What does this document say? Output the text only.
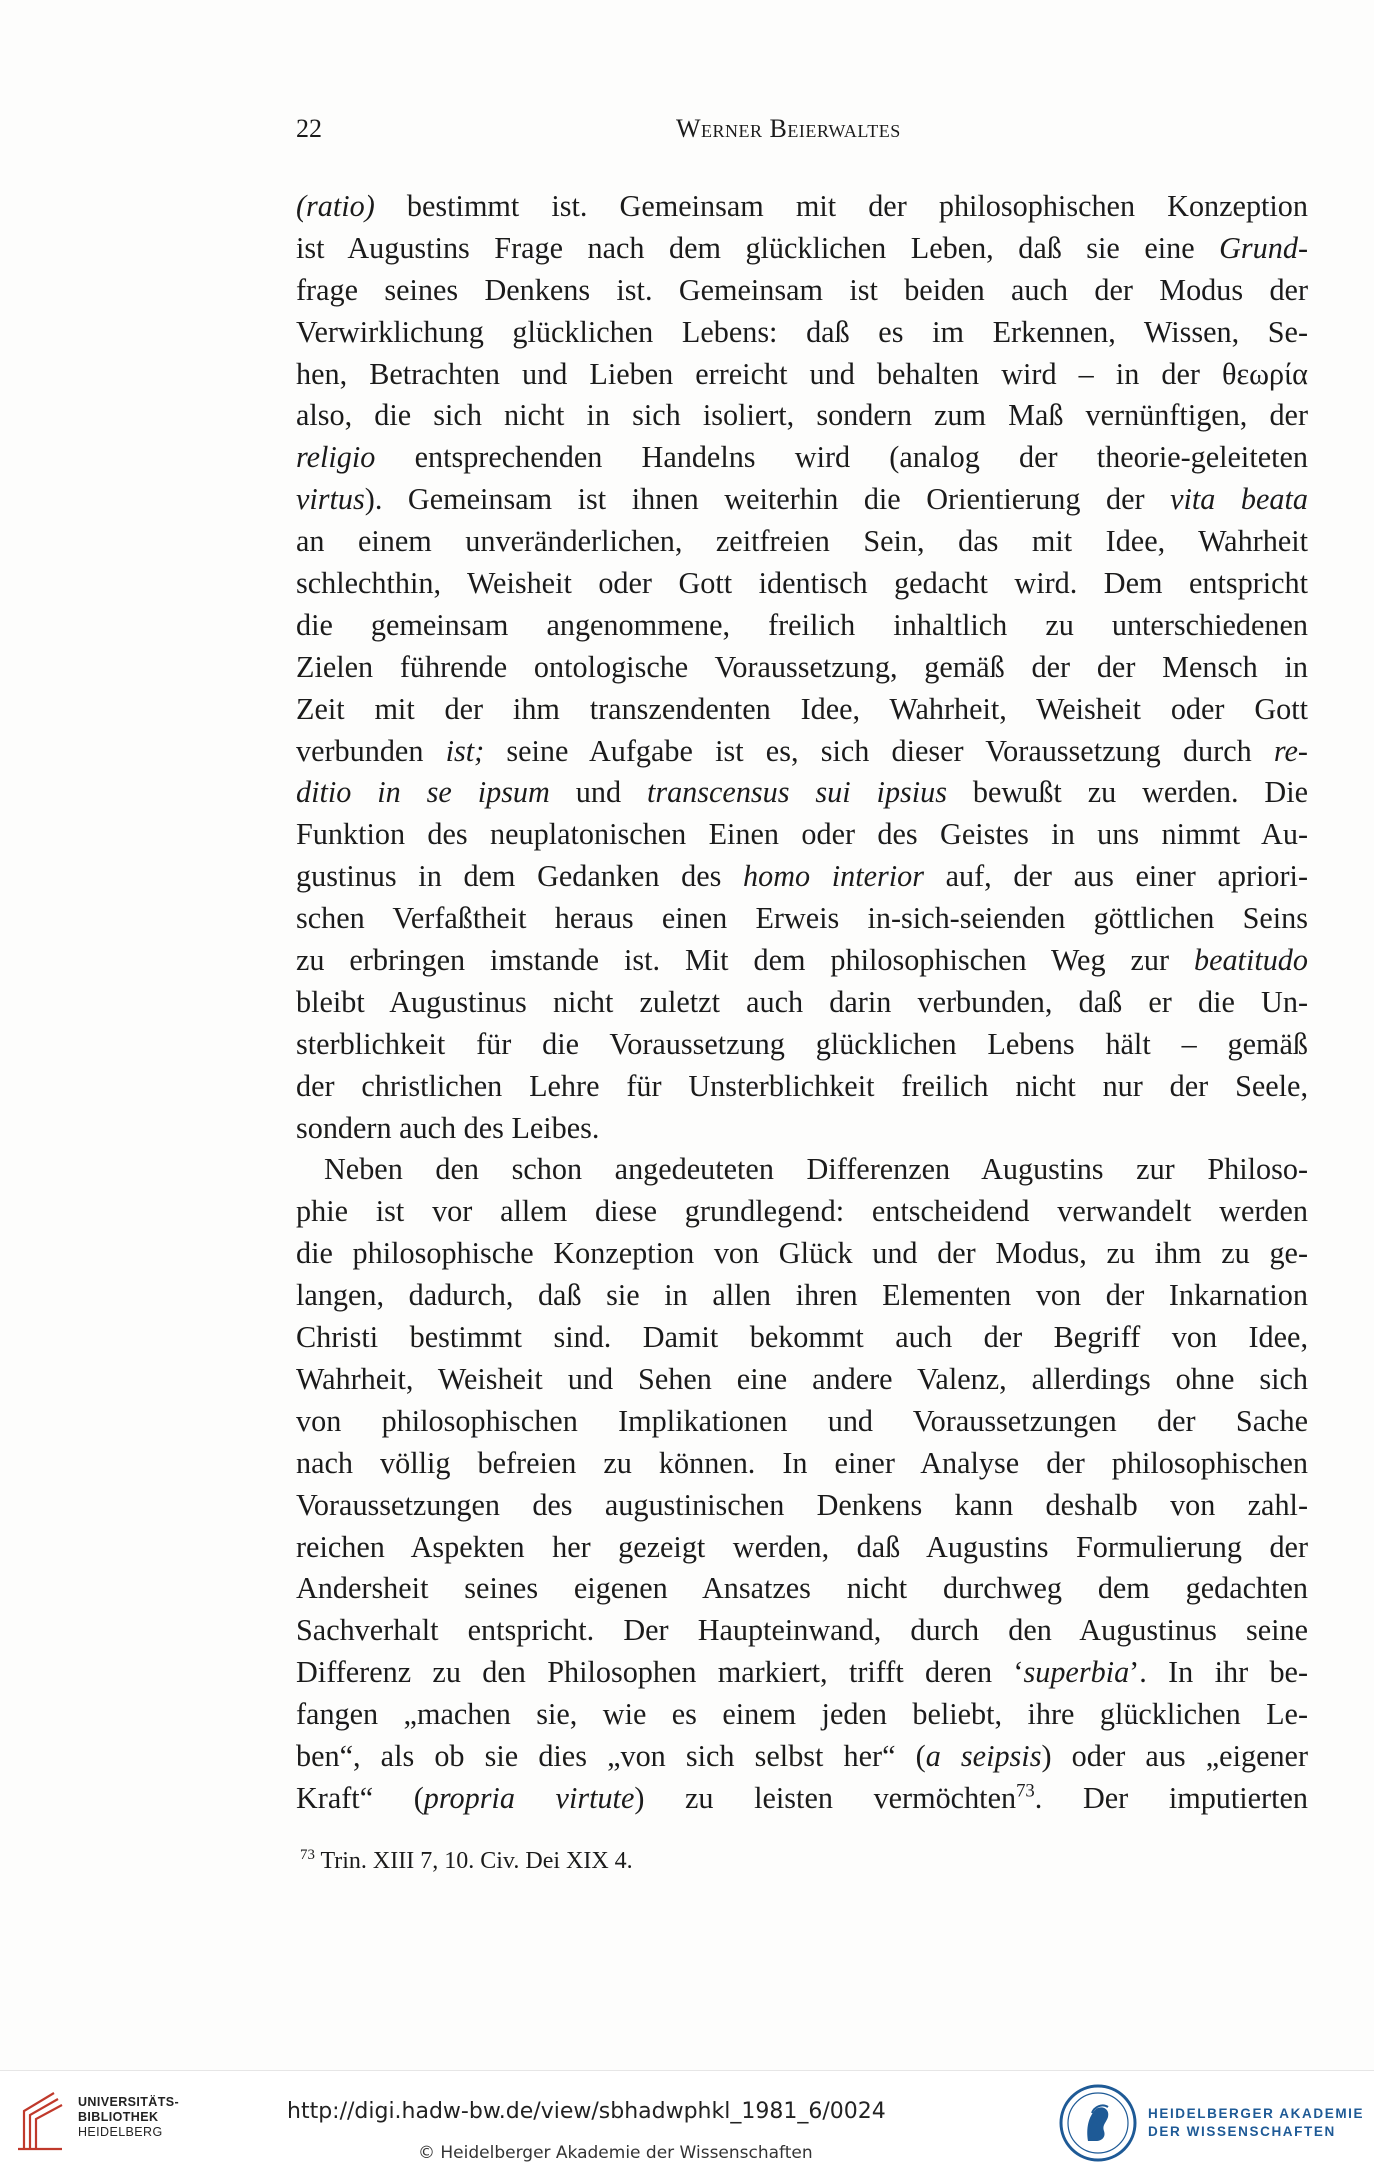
22	Werner Beierwaltes
(ratio) bestimmt ist. Gemeinsam mit der philosophischen Konzeption
ist Augustins Frage nach dem glücklichen Leben, daß sie eine Grund-
frage seines Denkens ist. Gemeinsam ist beiden auch der Modus der
Verwirklichung glücklichen Lebens: daß es im Erkennen, Wissen, Se-
hen, Betrachten und Lieben erreicht und behalten wird – in der θεωρία
also, die sich nicht in sich isoliert, sondern zum Maß vernünftigen, der
religio entsprechenden Handelns wird (analog der theorie-geleiteten
virtus). Gemeinsam ist ihnen weiterhin die Orientierung der vita beata
an einem unveränderlichen, zeitfreien Sein, das mit Idee, Wahrheit
schlechthin, Weisheit oder Gott identisch gedacht wird. Dem entspricht
die gemeinsam angenommene, freilich inhaltlich zu unterschiedenen
Zielen führende ontologische Voraussetzung, gemäß der der Mensch in
Zeit mit der ihm transzendenten Idee, Wahrheit, Weisheit oder Gott
verbunden ist; seine Aufgabe ist es, sich dieser Voraussetzung durch re-
ditio in se ipsum und transcensus sui ipsius bewußt zu werden. Die
Funktion des neuplatonischen Einen oder des Geistes in uns nimmt Au-
gustinus in dem Gedanken des homo interior auf, der aus einer apriori-
schen Verfaßtheit heraus einen Erweis in-sich-seienden göttlichen Seins
zu erbringen imstande ist. Mit dem philosophischen Weg zur beatitudo
bleibt Augustinus nicht zuletzt auch darin verbunden, daß er die Un-
sterblichkeit für die Voraussetzung glücklichen Lebens hält – gemäß
der christlichen Lehre für Unsterblichkeit freilich nicht nur der Seele,
sondern auch des Leibes.
Neben den schon angedeuteten Differenzen Augustins zur Philoso-
phie ist vor allem diese grundlegend: entscheidend verwandelt werden
die philosophische Konzeption von Glück und der Modus, zu ihm zu ge-
langen, dadurch, daß sie in allen ihren Elementen von der Inkarnation
Christi bestimmt sind. Damit bekommt auch der Begriff von Idee,
Wahrheit, Weisheit und Sehen eine andere Valenz, allerdings ohne sich
von philosophischen Implikationen und Voraussetzungen der Sache
nach völlig befreien zu können. In einer Analyse der philosophischen
Voraussetzungen des augustinischen Denkens kann deshalb von zahl-
reichen Aspekten her gezeigt werden, daß Augustins Formulierung der
Andersheit seines eigenen Ansatzes nicht durchweg dem gedachten
Sachverhalt entspricht. Der Haupteinwand, durch den Augustinus seine
Differenz zu den Philosophen markiert, trifft deren ‘superbia’. In ihr be-
fangen „machen sie, wie es einem jeden beliebt, ihre glücklichen Le-
ben“, als ob sie dies „von sich selbst her“ (a seipsis) oder aus „eigener
Kraft“ (propria virtute) zu leisten vermöchten$^{73}$. Der imputierten
$^{73}$ Trin. XIII 7, 10. Civ. Dei XIX 4.
UNIVERSITÄTS-
BIBLIOTHEK
HEIDELBERG
http://digi.hadw-bw.de/view/sbhadwphkl_1981_6/0024
© Heidelberger Akademie der Wissenschaften
HEIDELBERGER AKADEMIE
DER WISSENSCHAFTEN
